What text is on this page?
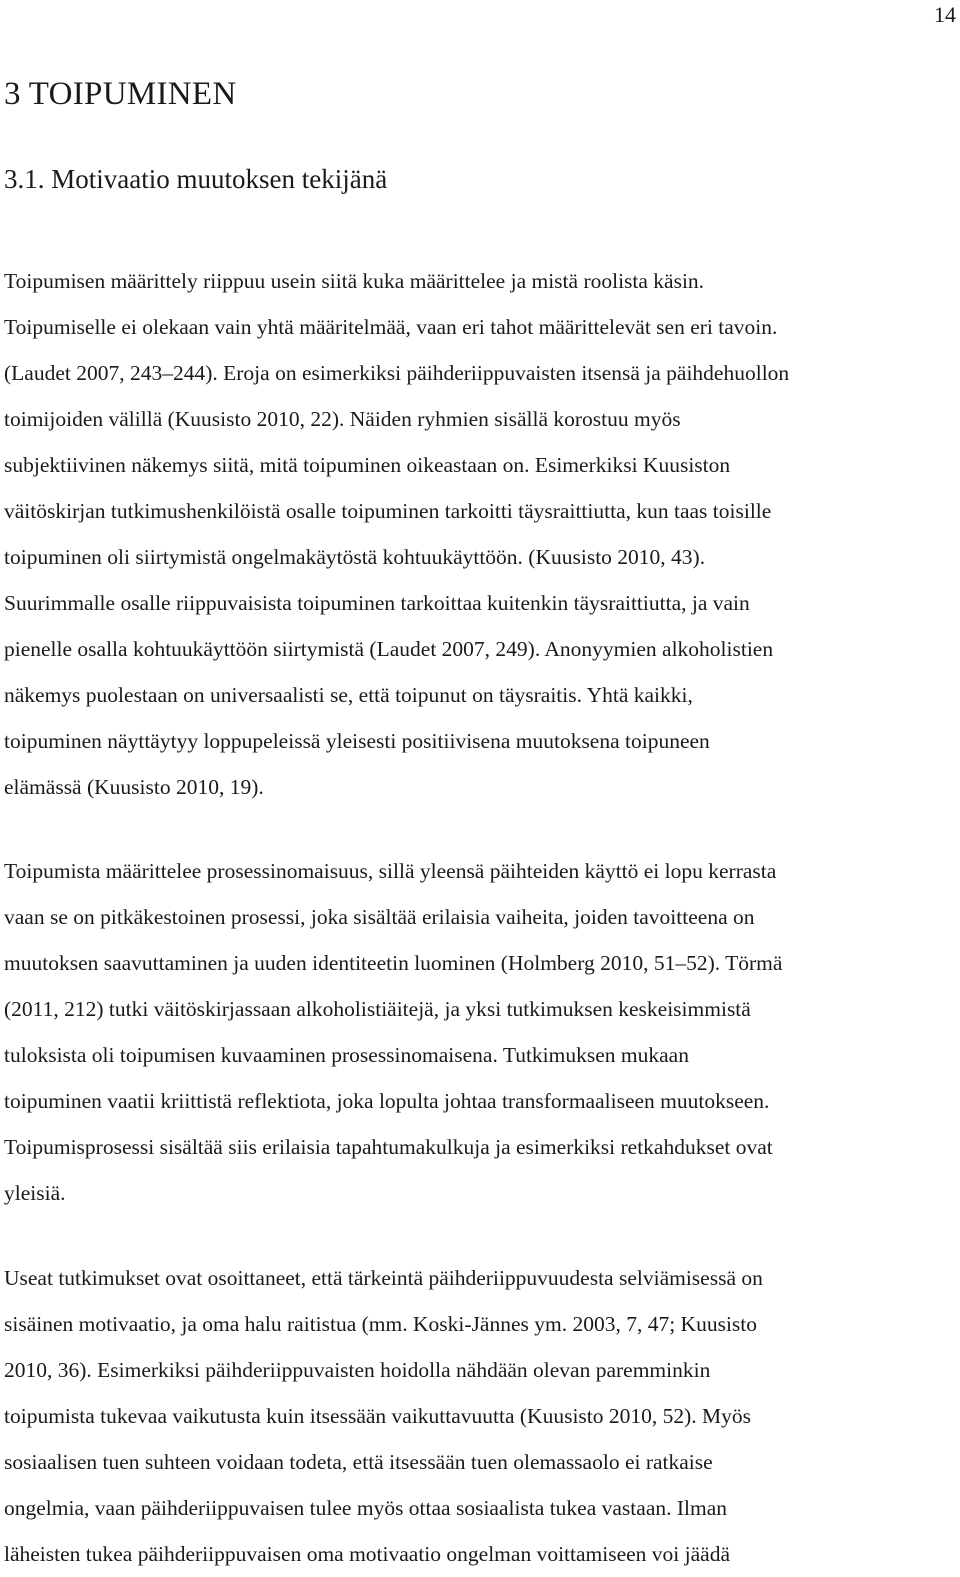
14
3 TOIPUMINEN
3.1. Motivaatio muutoksen tekijänä
Toipumisen määrittely riippuu usein siitä kuka määrittelee ja mistä roolista käsin.
Toipumiselle ei olekaan vain yhtä määritelmää, vaan eri tahot määrittelevät sen eri tavoin.
(Laudet 2007, 243–244). Eroja on esimerkiksi päihderiippuvaisten itsensä ja päihdehuollon
toimijoiden välillä (Kuusisto 2010, 22). Näiden ryhmien sisällä korostuu myös
subjektiivinen näkemys siitä, mitä toipuminen oikeastaan on. Esimerkiksi Kuusiston
väitöskirjan tutkimushenkilöistä osalle toipuminen tarkoitti täysraittiutta, kun taas toisille
toipuminen oli siirtymistä ongelmakäytöstä kohtuukäyttöön. (Kuusisto 2010, 43).
Suurimmalle osalle riippuvaisista toipuminen tarkoittaa kuitenkin täysraittiutta, ja vain
pienelle osalla kohtuukäyttöön siirtymistä (Laudet 2007, 249). Anonyymien alkoholistien
näkemys puolestaan on universaalisti se, että toipunut on täysraitis. Yhtä kaikki,
toipuminen näyttäytyy loppupeleissä yleisesti positiivisena muutoksena toipuneen
elämässä (Kuusisto 2010, 19).
Toipumista määrittelee prosessinomaisuus, sillä yleensä päihteiden käyttö ei lopu kerrasta
vaan se on pitkäkestoinen prosessi, joka sisältää erilaisia vaiheita, joiden tavoitteena on
muutoksen saavuttaminen ja uuden identiteetin luominen (Holmberg 2010, 51–52). Törmä
(2011, 212) tutki väitöskirjassaan alkoholistiäitejä, ja yksi tutkimuksen keskeisimmistä
tuloksista oli toipumisen kuvaaminen prosessinomaisena. Tutkimuksen mukaan
toipuminen vaatii kriittistä reflektiota, joka lopulta johtaa transformaaliseen muutokseen.
Toipumisprosessi sisältää siis erilaisia tapahtumakulkuja ja esimerkiksi retkahdukset ovat
yleisiä.
Useat tutkimukset ovat osoittaneet, että tärkeintä päihderiippuvuudesta selviämisessä on
sisäinen motivaatio, ja oma halu raitistua (mm. Koski-Jännes ym. 2003, 7, 47; Kuusisto
2010, 36). Esimerkiksi päihderiippuvaisten hoidolla nähdään olevan paremminkin
toipumista tukevaa vaikutusta kuin itsessään vaikuttavuutta (Kuusisto 2010, 52). Myös
sosiaalisen tuen suhteen voidaan todeta, että itsessään tuen olemassaolo ei ratkaise
ongelmia, vaan päihderiippuvaisen tulee myös ottaa sosiaalista tukea vastaan. Ilman
läheisten tukea päihderiippuvaisen oma motivaatio ongelman voittamiseen voi jäädä
